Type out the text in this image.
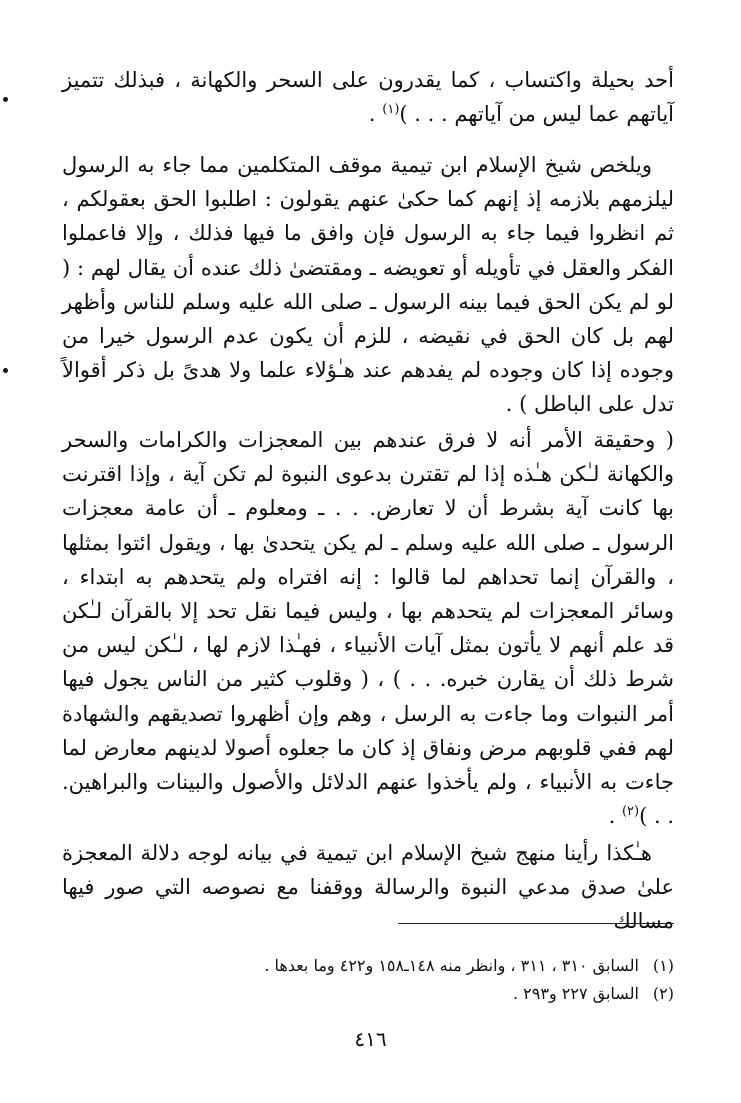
أحد بحيلة واكتساب ، كما يقدرون على السحر والكهانة ، فبذلك تتميز آياتهم عما ليس من آياتهم . . . )$^{(١)}$ .

ويلخص شيخ الإسلام ابن تيمية موقف المتكلمين مما جاء به الرسول ليلزمهم بلازمه إذ إنهم كما حكىٰ عنهم يقولون : اطلبوا الحق بعقولكم ، ثم انظروا فيما جاء به الرسول فإن وافق ما فيها فذلك ، وإلا فاعملوا الفكر والعقل في تأويله أو تعويضه ـ ومقتضىٰ ذلك عنده أن يقال لهم : ( لو لم يكن الحق فيما بينه الرسول ـ صلى الله عليه وسلم للناس وأظهر لهم بل كان الحق في نقيضه ، للزم أن يكون عدم الرسول خيرا من وجوده إذا كان وجوده لم يفدهم عند هـٰؤلاء علما ولا هدىً بل ذكر أقوالاً تدل على الباطل ) .

( وحقيقة الأمر أنه لا فرق عندهم بين المعجزات والكرامات والسحر والكهانة لـٰكن هـٰذه إذا لم تقترن بدعوى النبوة لم تكن آية ، وإذا اقترنت بها كانت آية بشرط أن لا تعارض. . . ـ ومعلوم ـ أن عامة معجزات الرسول ـ صلى الله عليه وسلم ـ لم يكن يتحدىٰ بها ، ويقول ائتوا بمثلها ، والقرآن إنما تحداهم لما قالوا : إنه افتراه ولم يتحدهم به ابتداء ، وسائر المعجزات لم يتحدهم بها ، وليس فيما نقل تحد إلا بالقرآن لـٰكن قد علم أنهم لا يأتون بمثل آيات الأنبياء ، فهـٰذا لازم لها ، لـٰكن ليس من شرط ذلك أن يقارن خبره. . . ) ، ( وقلوب كثير من الناس يجول فيها أمر النبوات وما جاءت به الرسل ، وهم وإن أظهروا تصديقهم والشهادة لهم ففي قلوبهم مرض ونفاق إذ كان ما جعلوه أصولا لدينهم معارض لما جاءت به الأنبياء ، ولم يأخذوا عنهم الدلائل والأصول والبينات والبراهين. . . )$^{(٢)}$ .

هـٰكذا رأينا منهج شيخ الإسلام ابن تيمية في بيانه لوجه دلالة المعجزة علىٰ صدق مدعي النبوة والرسالة ووقفنا مع نصوصه التي صور فيها مسالك

(١)السابق ٣١٠ ، ٣١١ ، وانظر منه ١٤٨ـ١٥٨ و٤٢٢ وما بعدها .
(٢)السابق ٢٢٧ و٢٩٣ .
٤١٦
